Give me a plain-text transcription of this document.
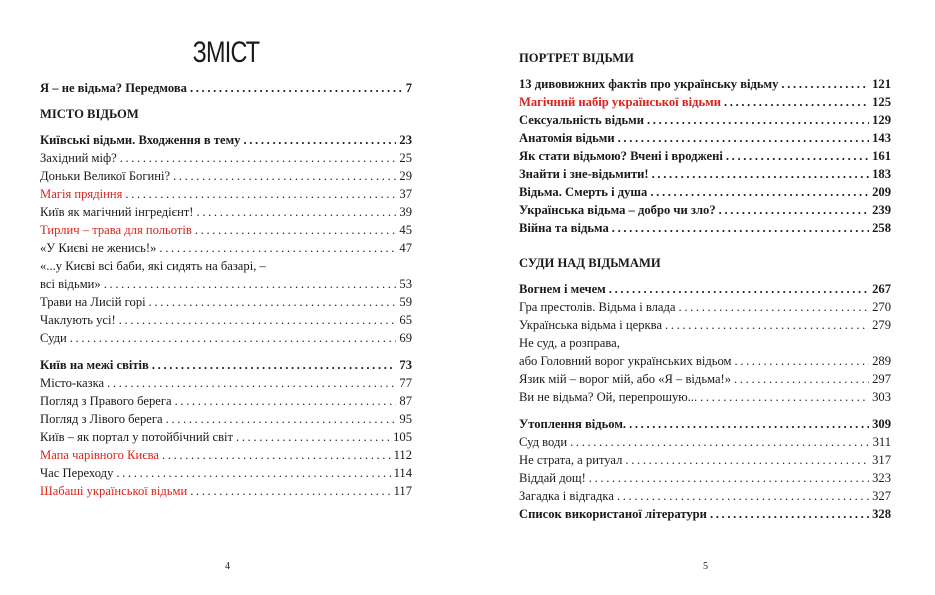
ЗМІСТ
Я – не відьма? Передмова . . .	7
МІСТО ВІДЬОМ
Київські відьми. Входження в тему . . .	23
Західний міф? . . .	25
Доньки Великої Богині? . . .	29
Магія прядіння . . .	37
Київ як магічний інгредієнт! . . .	39
Тирлич – трава для польотів . . .	45
«У Києві не женись!» . . .	47
«...у Києві всі баби, які сидять на базарі, –
всі відьми» . . .	53
Трави на Лисій горі . . .	59
Чаклують усі! . . .	65
Суди . . .	69
Київ на межі світів . . .	73
Місто-казка . . .	77
Погляд з Правого берега . . .	87
Погляд з Лівого берега . . .	95
Київ – як портал у потойбічний світ . . .	105
Мапа чарівного Києва . . .	112
Час Переходу . . .	114
Шабаші української відьми . . .	117
ПОРТРЕТ ВІДЬМИ
13 дивовижних фактів про українську відьму . . .	121
Магічний набір української відьми . . .	125
Сексуальність відьми . . .	129
Анатомія відьми . . .	143
Як стати відьмою? Вчені і вроджені . . .	161
Знайти і зне-відьмити! . . .	183
Відьма. Смерть і душа . . .	209
Українська відьма – добро чи зло? . . .	239
Війна та відьма . . .	258
СУДИ НАД ВІДЬМАМИ
Вогнем і мечем . . .	267
Гра престолів. Відьма і влада . . .	270
Українська відьма і церква . . .	279
Не суд, а розправа,
або Головний ворог українських відьом . . .	289
Язик мій – ворог мій, або «Я – відьма!» . . .	297
Ви не відьма? Ой, перепрошую... . . .	303
Утоплення відьом. . . .	309
Суд води . . .	311
Не страта, а ритуал . . .	317
Віддай дощ! . . .	323
Загадка і відгадка . . .	327
Список використаної літератури . . .	328
4	5
